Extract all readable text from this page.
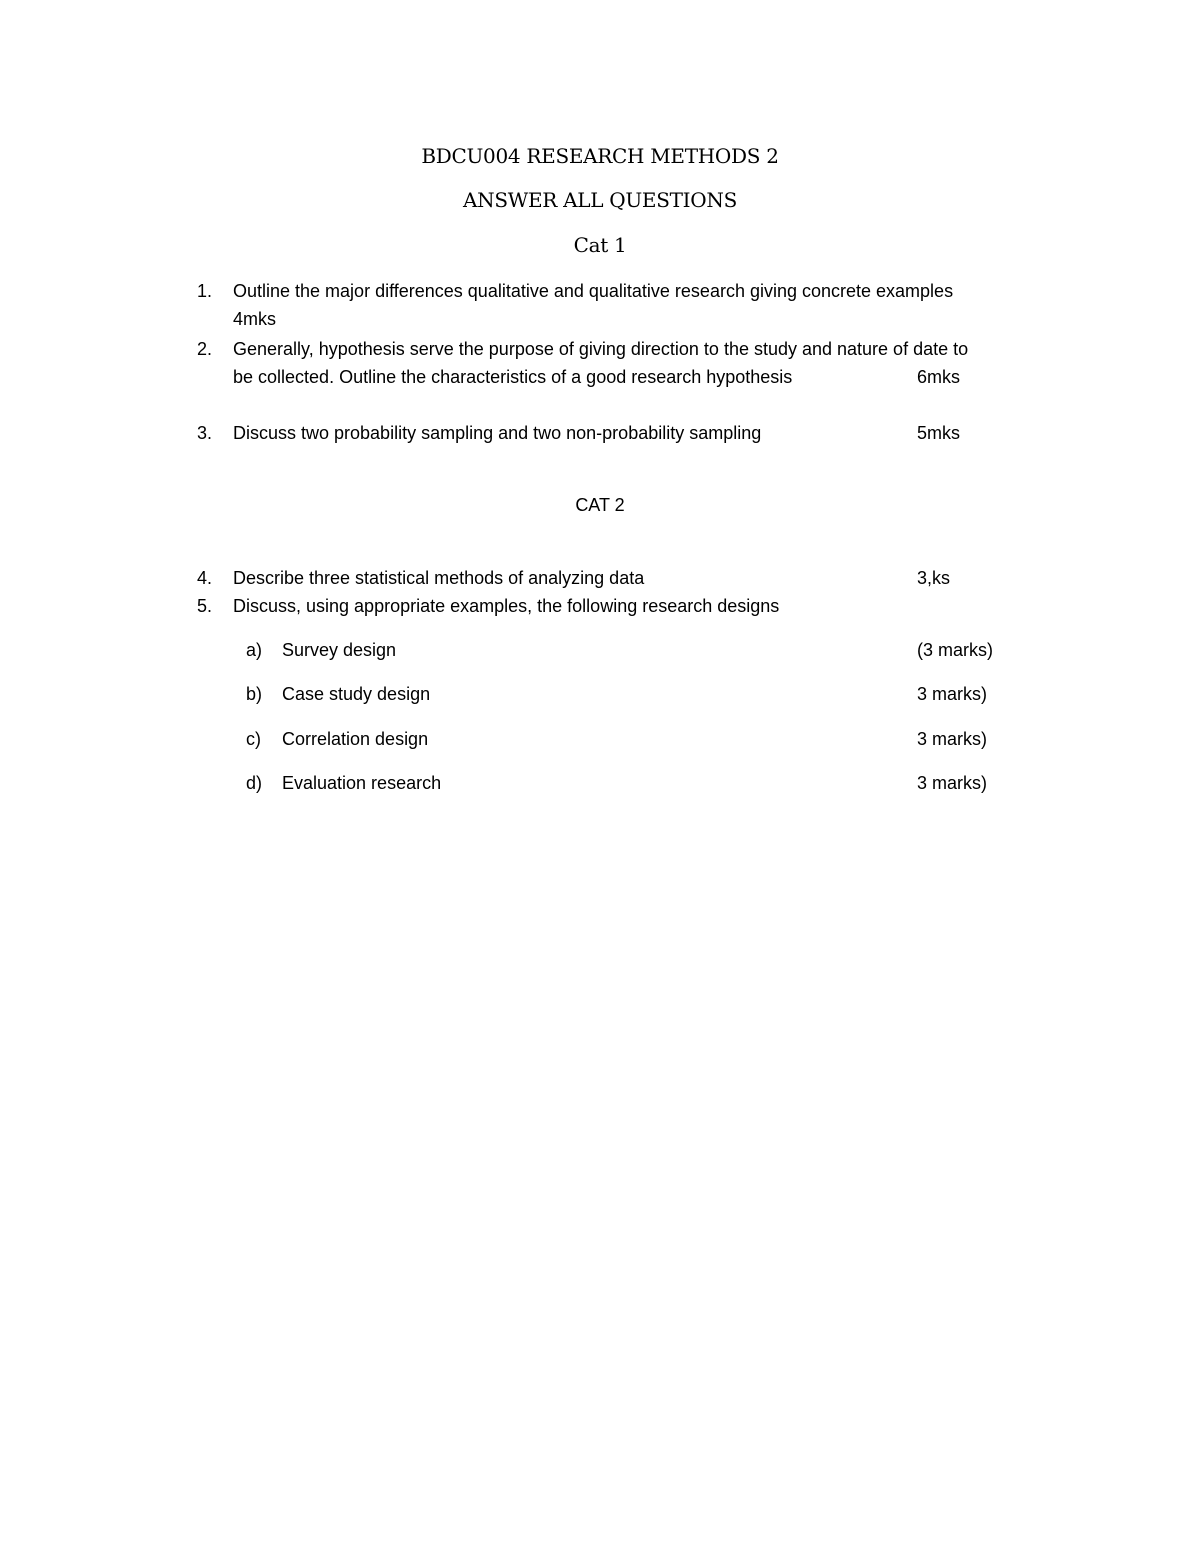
BDCU004 RESEARCH METHODS 2
ANSWER ALL QUESTIONS
Cat 1
1. Outline the major differences qualitative and qualitative research giving concrete examples
4mks
2. Generally, hypothesis serve the purpose of giving direction to the study and nature of date to
be collected. Outline the characteristics of a good research hypothesis	6mks
3. Discuss two probability sampling and two non-probability sampling	5mks
CAT 2
4. Describe three statistical methods of analyzing data	3,ks
5. Discuss, using appropriate examples, the following research designs
a) Survey design	(3 marks)
b) Case study design	3 marks)
c) Correlation design	3 marks)
d) Evaluation research	3 marks)
